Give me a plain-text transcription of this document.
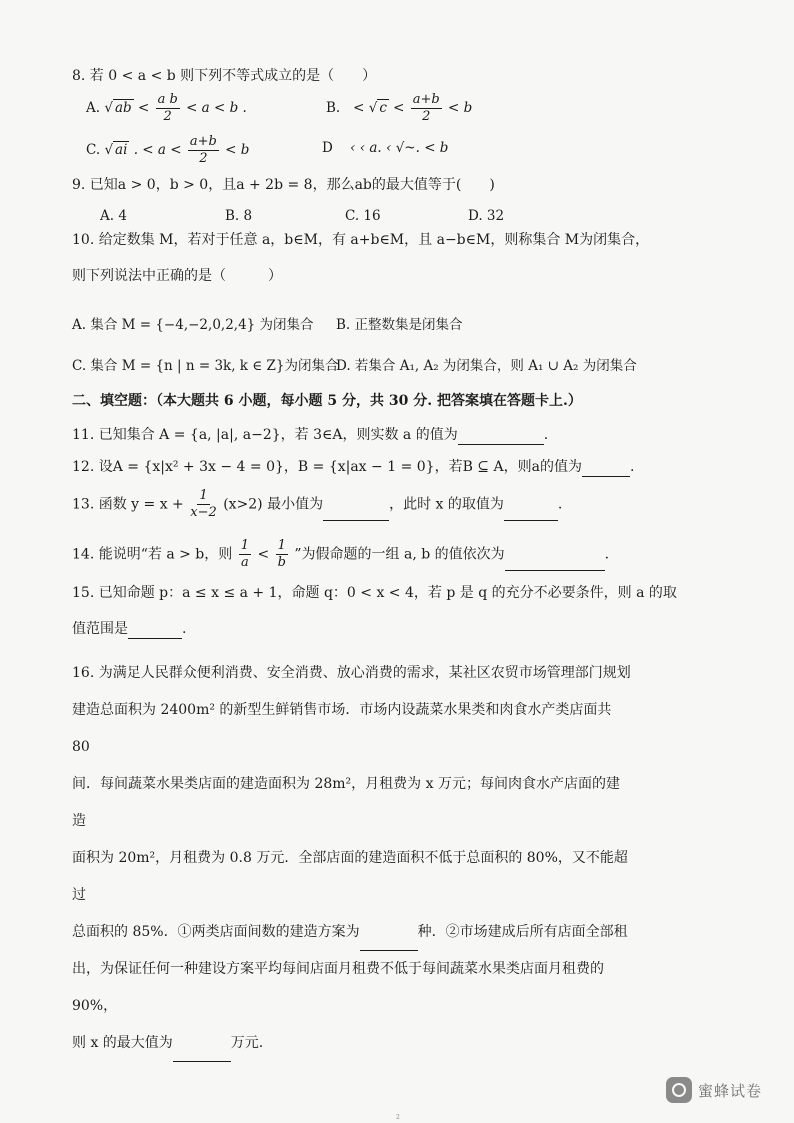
8. 若 0 < a < b 则下列不等式成立的是（　　）
A. √ ab < $\frac{\text{a b}}{2} < a < b$ .	B. < √ $c < \frac{a+b}{2} < b$
C. √ ai . < $a < \frac{a+b}{2} < b$	D ‹ ‹ a. ‹ √~. < b
9. 已知a > 0，b > 0，且a + 2b = 8，那么ab的最大值等于(　　)
A. 4	B. 8	C. 16	D. 32
10. 给定数集 M，若对于任意 a，b∈M，有 a+b∈M，且 a−b∈M，则称集合 M为闭集合，
则下列说法中正确的是（　　　）
A. 集合 M = {−4,−2,0,2,4} 为闭集合 B. 正整数集是闭集合
C. 集合 M = {n | n = 3k, k ∈ Z}为闭集合
D. 若集合 A₁, A₂ 为闭集合，则 A₁ ∪ A₂ 为闭集合
二、填空题：（本大题共 6 小题，每小题 5 分，共 30 分. 把答案填在答题卡上.）
11. 已知集合 A = {a, |a|, a−2}，若 3∈A，则实数 a 的值为	.
12. 设A = {x|x² + 3x − 4 = 0}，B = {x|ax − 1 = 0}，若B ⊆ A，则a的值为	.
13. 函数 $y = x + \frac{1}{x-2} (x>2)$ 最小值为	，此时 x 的取值为	.
14. 能说明“若 a > b，则 $\frac{1}{a} < \frac{1}{b}$ ”为假命题的一组 a, b 的值依次为	.
15. 已知命题 p：a ≤ x ≤ a + 1，命题 q：0 < x < 4，若 p 是 q 的充分不必要条件，则 a 的取
值范围是	.
16. 为满足人民群众便利消费、安全消费、放心消费的需求，某社区农贸市场管理部门规划
建造总面积为 2400m² 的新型生鲜销售市场．市场内设蔬菜水果类和肉食水产类店面共 80
间．每间蔬菜水果类店面的建造面积为 28m²，月租费为 x 万元；每间肉食水产店面的建造
面积为 20m²，月租费为 0.8 万元．全部店面的建造面积不低于总面积的 80%，又不能超过
总面积的 85%．①两类店面间数的建造方案为	种．②市场建成后所有店面全部租
出，为保证任何一种建设方案平均每间店面月租费不低于每间蔬菜水果类店面月租费的 90%，
则 x 的最大值为	万元.
蜜蜂试卷
2
